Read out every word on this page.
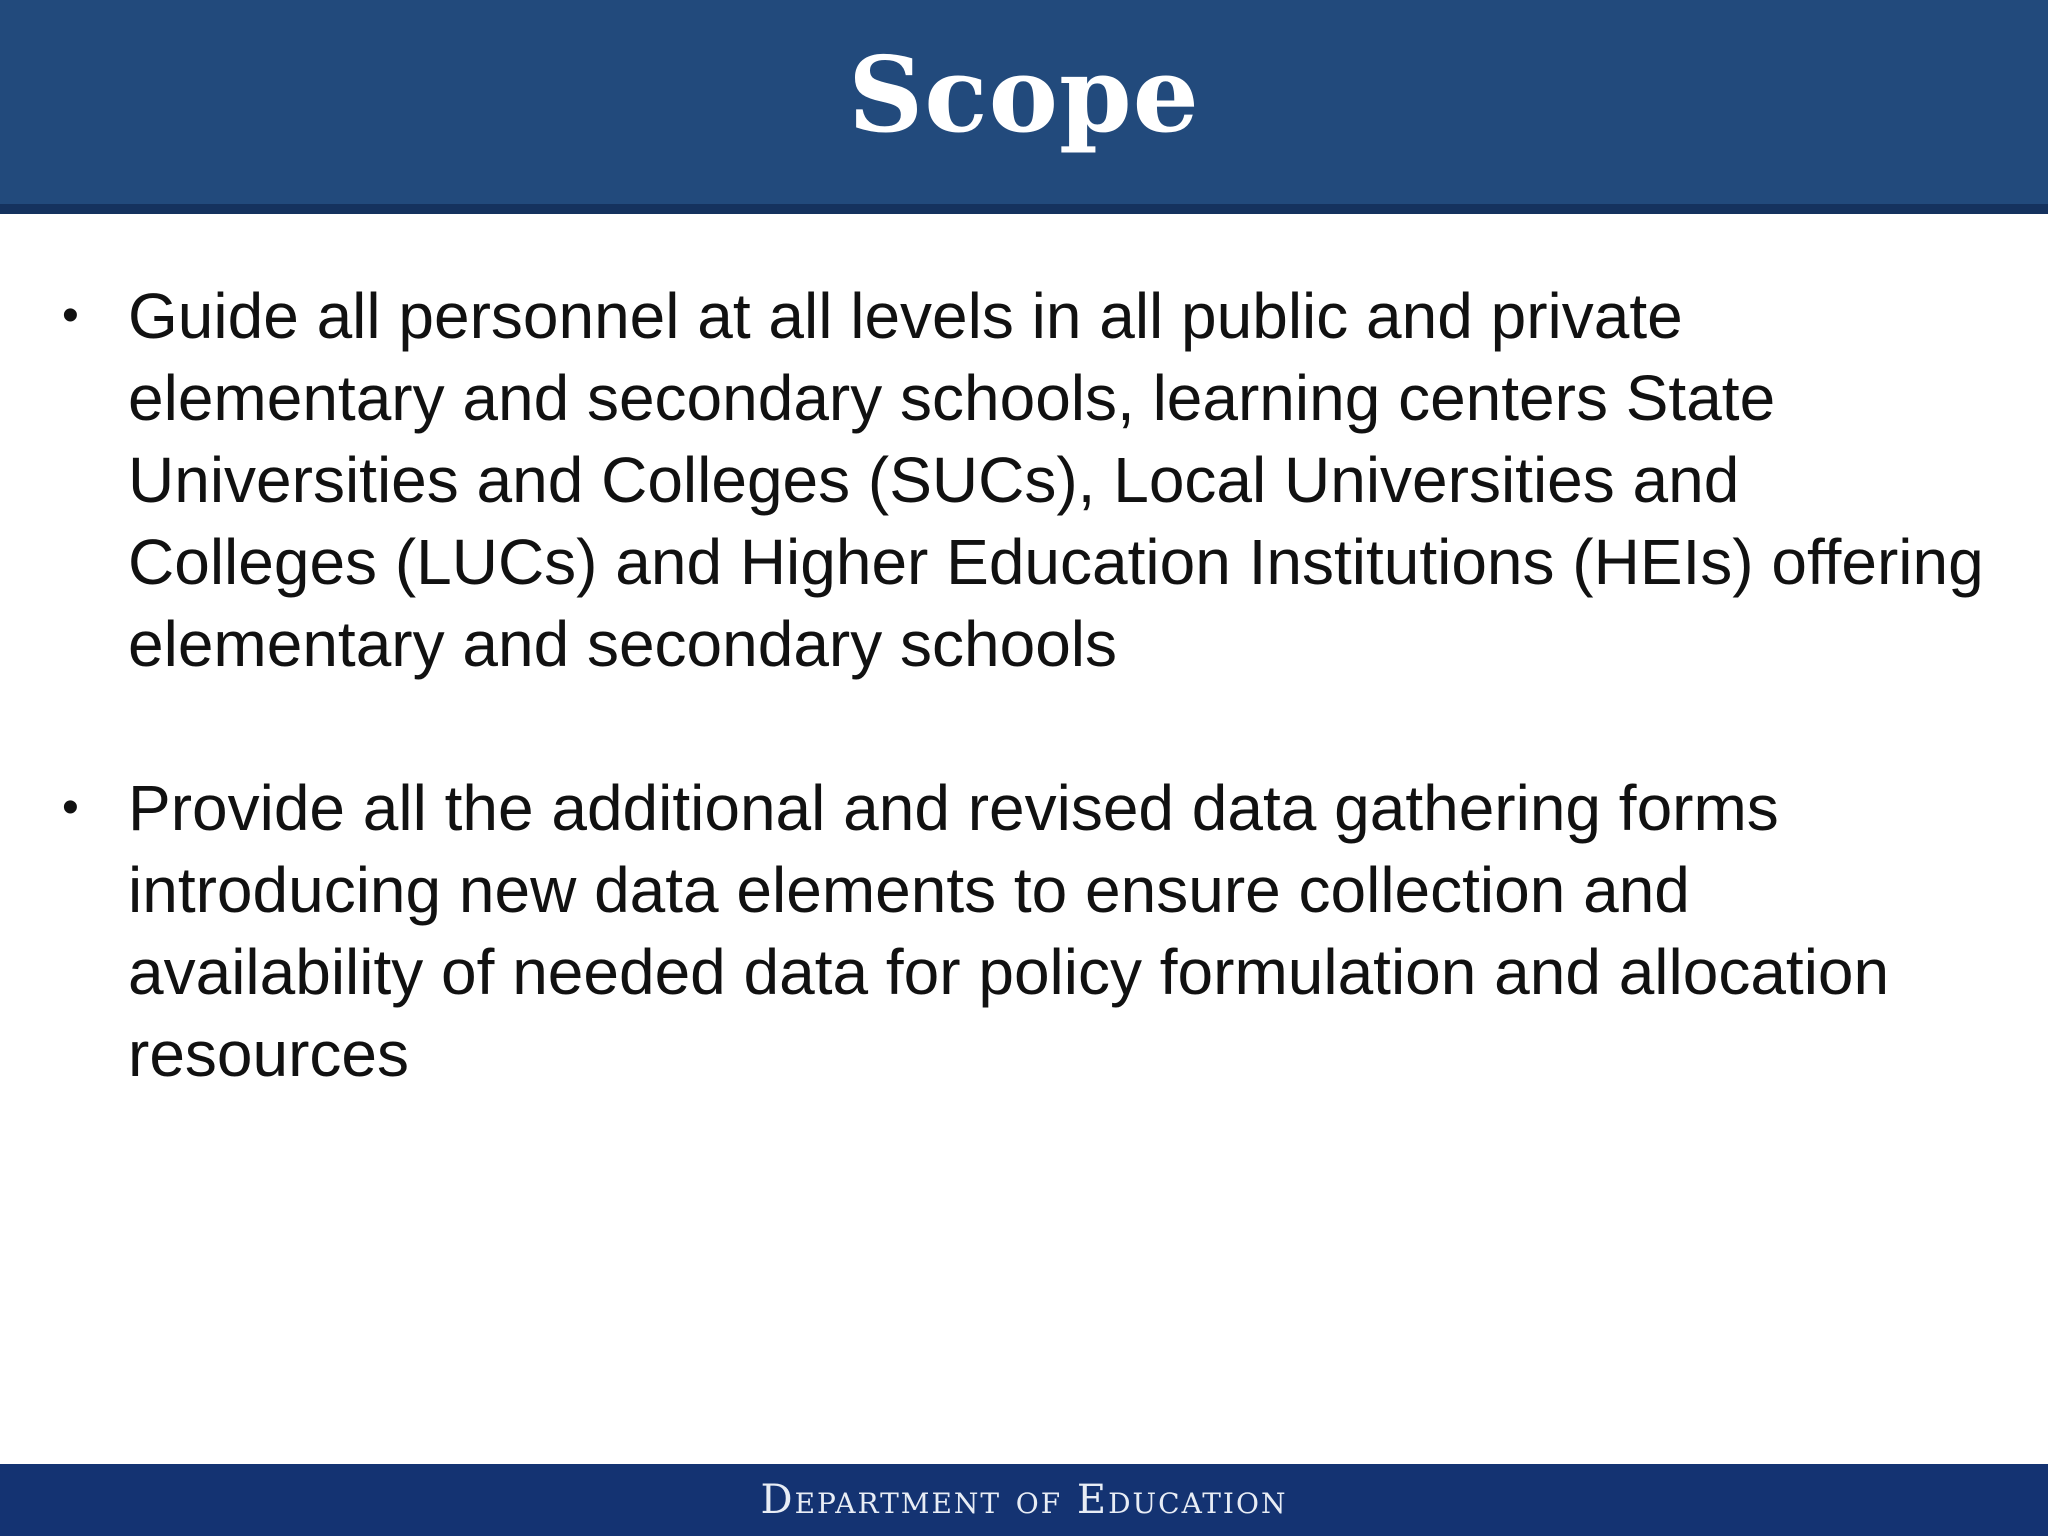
Scope
• Guide all personnel at all levels in all public and private elementary and secondary schools, learning centers State Universities and Colleges (SUCs), Local Universities and Colleges (LUCs) and Higher Education Institutions (HEIs) offering elementary and secondary schools
• Provide all the additional and revised data gathering forms introducing new data elements to ensure collection and availability of needed data for policy formulation and allocation resources
Department of Education
